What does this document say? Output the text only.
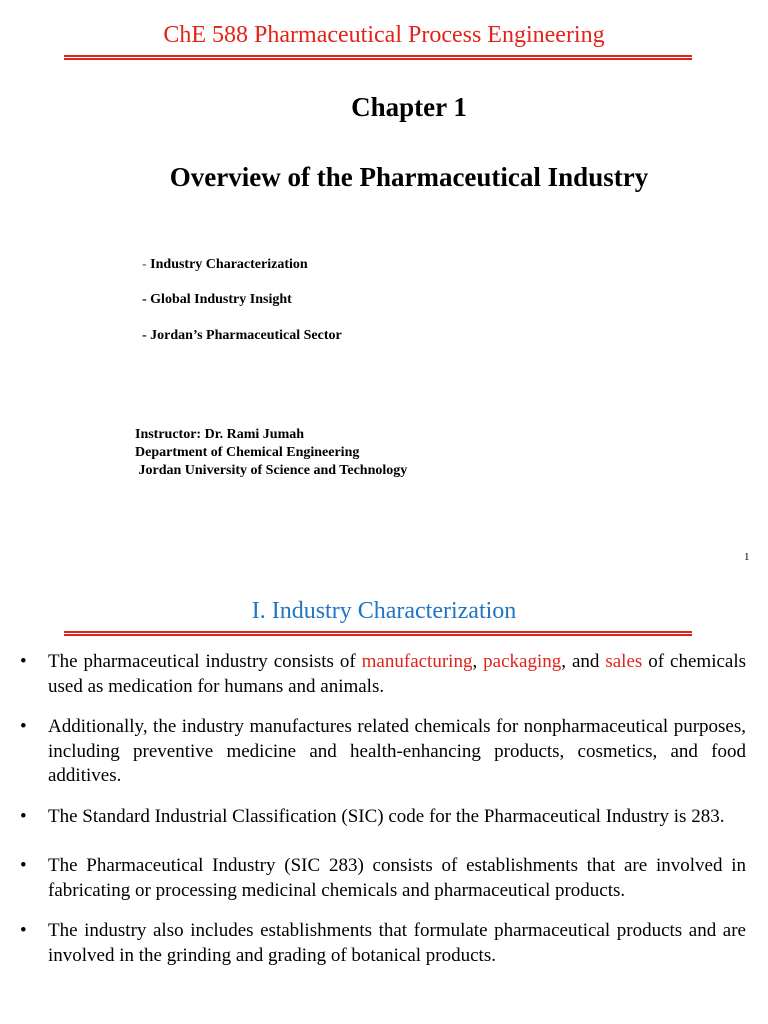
ChE 588 Pharmaceutical Process Engineering
Chapter 1
Overview of the Pharmaceutical Industry
- Industry Characterization
- Global Industry Insight
- Jordan’s Pharmaceutical Sector
Instructor: Dr. Rami Jumah
Department of Chemical Engineering
Jordan University of Science and Technology
1
I. Industry Characterization
• The pharmaceutical industry consists of manufacturing, packaging, and sales of chemicals used as medication for humans and animals.
• Additionally, the industry manufactures related chemicals for nonpharmaceutical purposes, including preventive medicine and health-enhancing products, cosmetics, and food additives.
• The Standard Industrial Classification (SIC) code for the Pharmaceutical Industry is 283.
• The Pharmaceutical Industry (SIC 283) consists of establishments that are involved in fabricating or processing medicinal chemicals and pharmaceutical products.
• The industry also includes establishments that formulate pharmaceutical products and are involved in the grinding and grading of botanical products.
